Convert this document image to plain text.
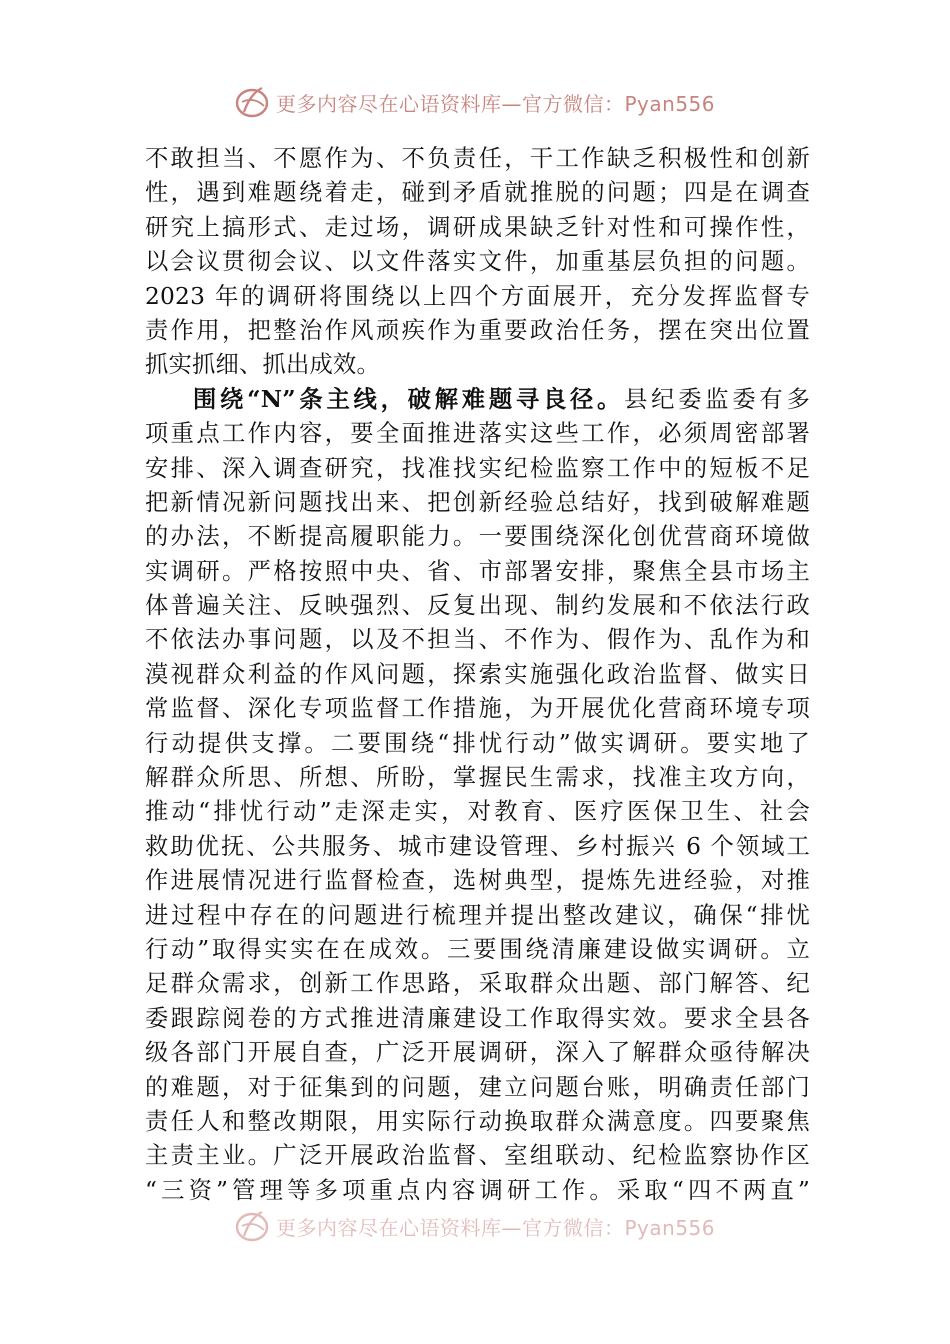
更多内容尽在心语资料库—官方微信：Pyan556
不敢担当、不愿作为、不负责任，干工作缺乏积极性和创新
性，遇到难题绕着走，碰到矛盾就推脱的问题；四是在调查
研究上搞形式、走过场，调研成果缺乏针对性和可操作性，
以会议贯彻会议、以文件落实文件，加重基层负担的问题。
2023 年的调研将围绕以上四个方面展开，充分发挥监督专
责作用，把整治作风顽疾作为重要政治任务，摆在突出位置
抓实抓细、抓出成效。
围绕“N”条主线，破解难题寻良径。县纪委监委有多
项重点工作内容，要全面推进落实这些工作，必须周密部署
安排、深入调查研究，找准找实纪检监察工作中的短板不足
把新情况新问题找出来、把创新经验总结好，找到破解难题
的办法，不断提高履职能力。一要围绕深化创优营商环境做
实调研。严格按照中央、省、市部署安排，聚焦全县市场主
体普遍关注、反映强烈、反复出现、制约发展和不依法行政
不依法办事问题，以及不担当、不作为、假作为、乱作为和
漠视群众利益的作风问题，探索实施强化政治监督、做实日
常监督、深化专项监督工作措施，为开展优化营商环境专项
行动提供支撑。二要围绕“排忧行动”做实调研。要实地了
解群众所思、所想、所盼，掌握民生需求，找准主攻方向，
推动“排忧行动”走深走实，对教育、医疗医保卫生、社会
救助优抚、公共服务、城市建设管理、乡村振兴 6 个领域工
作进展情况进行监督检查，选树典型，提炼先进经验，对推
进过程中存在的问题进行梳理并提出整改建议，确保“排忧
行动”取得实实在在成效。三要围绕清廉建设做实调研。立
足群众需求，创新工作思路，采取群众出题、部门解答、纪
委跟踪阅卷的方式推进清廉建设工作取得实效。要求全县各
级各部门开展自查，广泛开展调研，深入了解群众亟待解决
的难题，对于征集到的问题，建立问题台账，明确责任部门
责任人和整改期限，用实际行动换取群众满意度。四要聚焦
主责主业。广泛开展政治监督、室组联动、纪检监察协作区
“三资”管理等多项重点内容调研工作。采取“四不两直”
更多内容尽在心语资料库—官方微信：Pyan556
